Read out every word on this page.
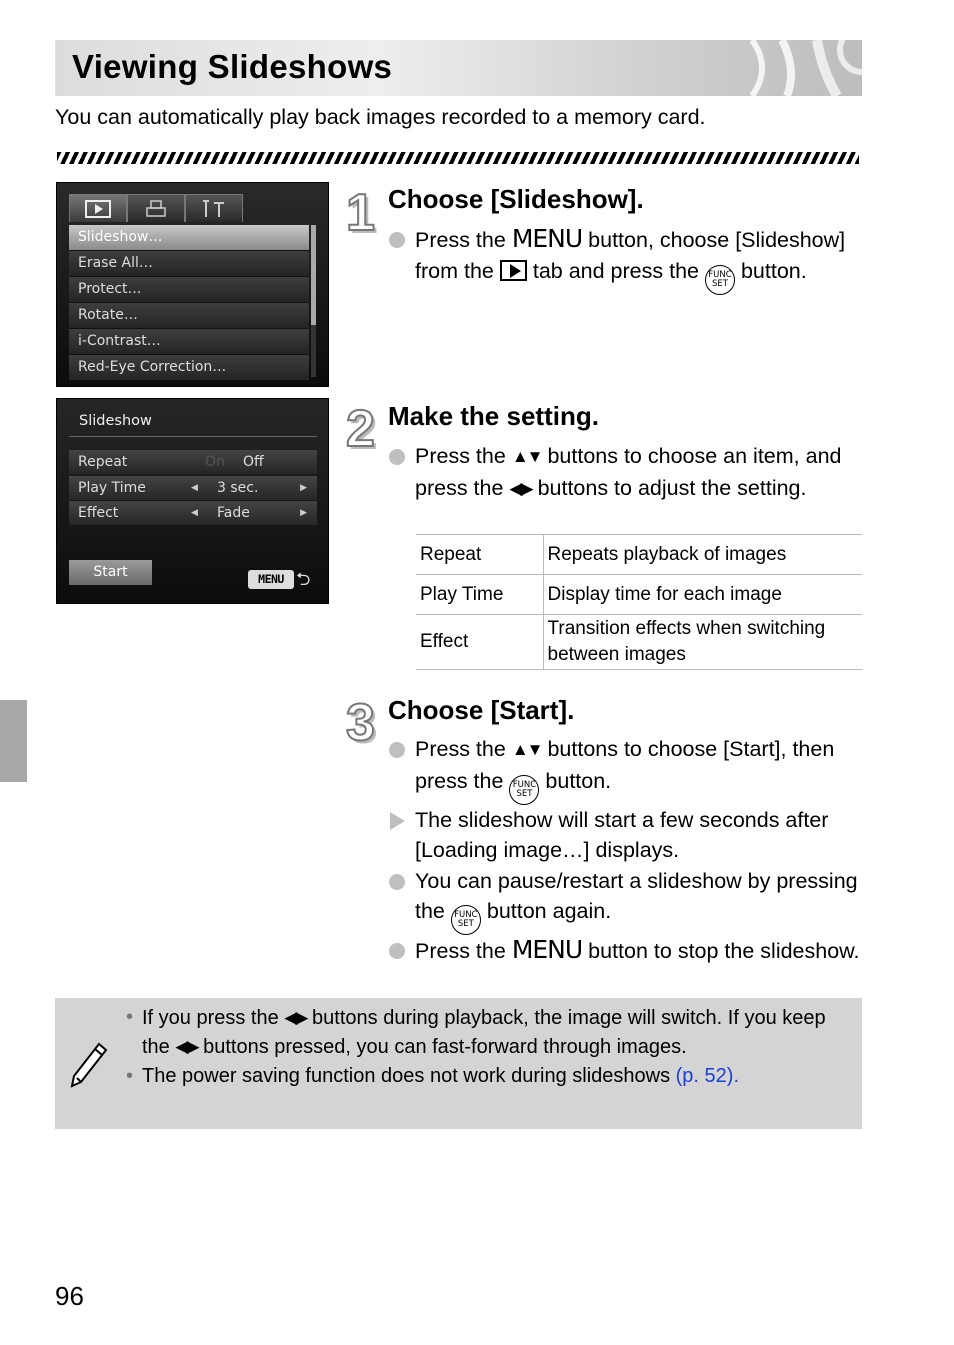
Viewing Slideshows
You can automatically play back images recorded to a memory card.
Slideshow…
Erase All…
Protect…
Rotate…
i-Contrast…
Red-Eye Correction…
Slideshow
Repeat	On Off
Play Time	◀ 3 sec.	▶
Effect	◀ Fade	▶
Start	MENU ⮌
1 Choose [Slideshow].
Press the MENU button, choose [Slideshow] from the tab and press the FUNC
SET button.
2 Make the setting.
Press the ▲▼ buttons to choose an item, and press the ◀▶ buttons to adjust the setting.
Repeat	Repeats playback of images
Play Time	Display time for each image
Effect	Transition effects when switching between images
3 Choose [Start].
Press the ▲▼ buttons to choose [Start], then press the FUNC
SET button.
The slideshow will start a few seconds after [Loading image…] displays.
You can pause/restart a slideshow by pressing the FUNC
SET button again.
Press the MENU button to stop the slideshow.
• If you press the ◀▶ buttons during playback, the image will switch. If you keep the ◀▶ buttons pressed, you can fast-forward through images.
• The power saving function does not work during slideshows (p. 52).
96
